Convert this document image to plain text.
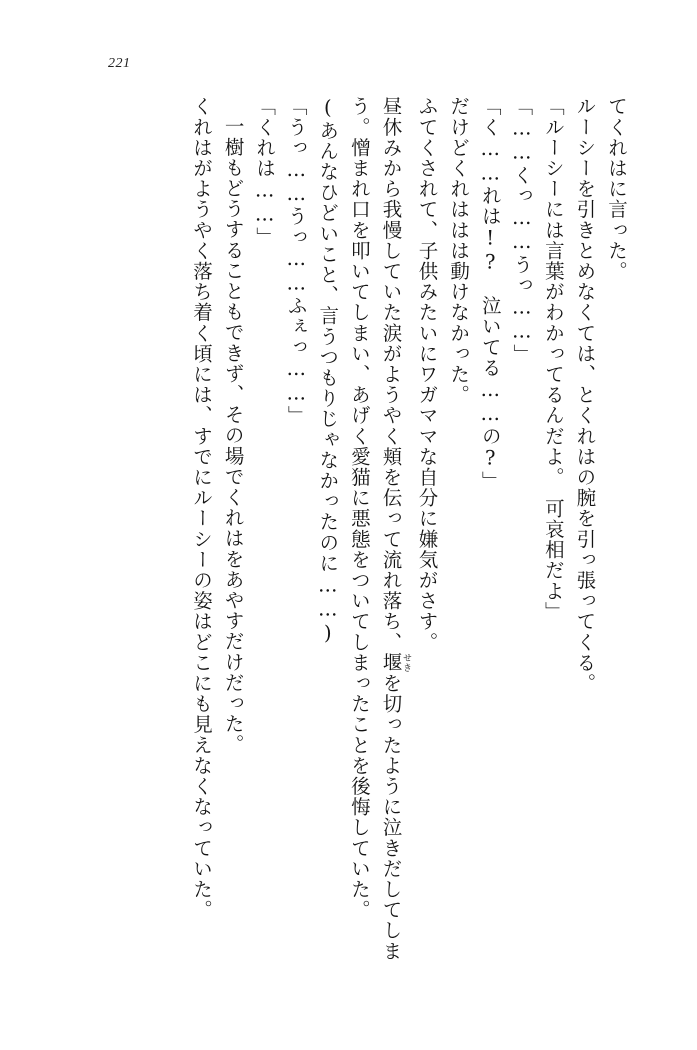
221

てくれはに言った。

ルーシーを引きとめなくては、とくれはの腕を引っ張ってくる。

「ルーシーには言葉がわかってるんだよ。　可哀相だよ」

「……くっ……うっ……」

「く……れは!?　泣いてる……の?」

だけどくれははは動けなかった。

ふてくされて、子供みたいにワガママな自分に嫌気がさす。

昼休みから我慢していた涙がようやく頬を伝って流れ落ち、堰せきを切ったように泣きだしてしまう。憎まれ口を叩いてしまい、あげく愛猫に悪態をついてしまったことを後悔していた。

(あんなひどいこと、言うつもりじゃなかったのに……)

「うっ……うっ……ふぇっ……」

「くれは……」

一樹もどうすることもできず、その場でくれはをあやすだけだった。

くれはがようやく落ち着く頃には、すでにルーシーの姿はどこにも見えなくなっていた。
